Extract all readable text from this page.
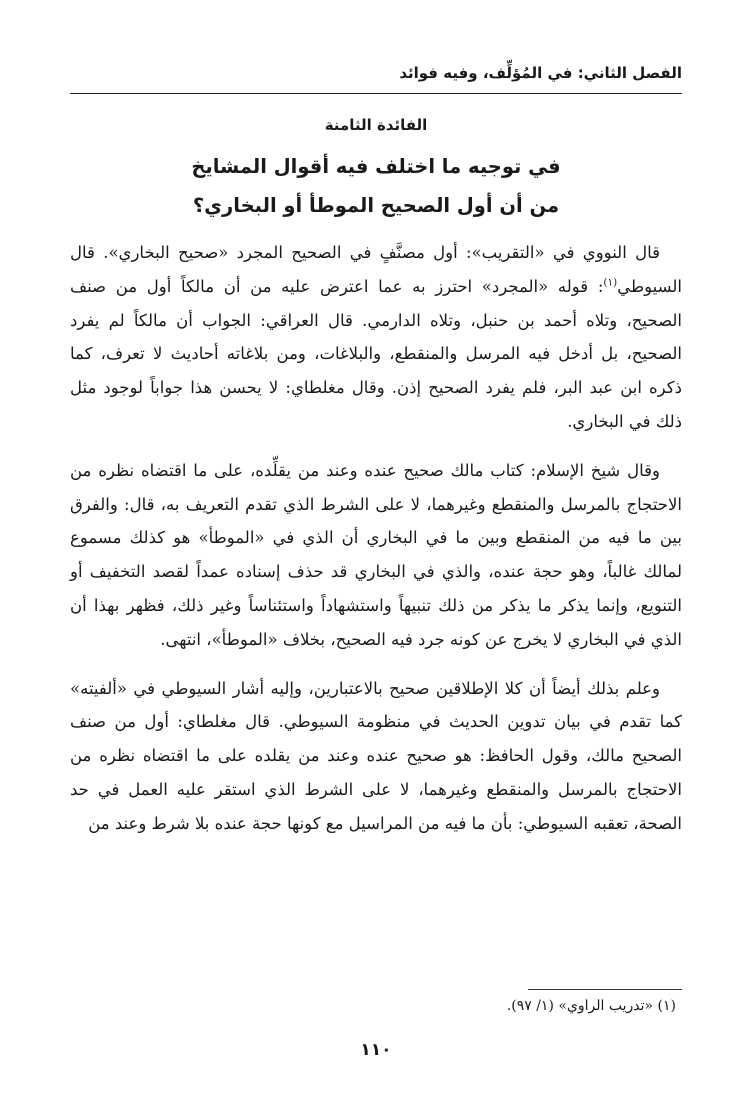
الفصل الثاني: في المُؤلِّف، وفيه فوائد
الفائدة الثامنة
في توجيه ما اختلف فيه أقوال المشايخ
من أن أول الصحيح الموطأ أو البخاري؟

قال النووي في «التقريب»: أول مصنَّفٍ في الصحيح المجرد «صحيح البخاري». قال السيوطي$^{(١)}$: قوله «المجرد» احترز به عما اعترض عليه من أن مالكاً أول من صنف الصحيح، وتلاه أحمد بن حنبل، وتلاه الدارمي. قال العراقي: الجواب أن مالكاً لم يفرد الصحيح، بل أدخل فيه المرسل والمنقطع، والبلاغات، ومن بلاغاته أحاديث لا تعرف، كما ذكره ابن عبد البر، فلم يفرد الصحيح إذن. وقال مغلطاي: لا يحسن هذا جواباً لوجود مثل ذلك في البخاري.

وقال شيخ الإسلام: كتاب مالك صحيح عنده وعند من يقلِّده، على ما اقتضاه نظره من الاحتجاج بالمرسل والمنقطع وغيرهما، لا على الشرط الذي تقدم التعريف به، قال: والفرق بين ما فيه من المنقطع وبين ما في البخاري أن الذي في «الموطأ» هو كذلك مسموع لمالك غالباً، وهو حجة عنده، والذي في البخاري قد حذف إسناده عمداً لقصد التخفيف أو التنويع، وإنما يذكر ما يذكر من ذلك تنبيهاً واستشهاداً واستئناساً وغير ذلك، فظهر بهذا أن الذي في البخاري لا يخرج عن كونه جرد فيه الصحيح، بخلاف «الموطأ»، انتهى.

وعلم بذلك أيضاً أن كلا الإطلاقين صحيح بالاعتبارين، وإليه أشار السيوطي في «ألفيته» كما تقدم في بيان تدوين الحديث في منظومة السيوطي. قال مغلطاي: أول من صنف الصحيح مالك، وقول الحافظ: هو صحيح عنده وعند من يقلده على ما اقتضاه نظره من الاحتجاج بالمرسل والمنقطع وغيرهما، لا على الشرط الذي استقر عليه العمل في حد الصحة، تعقبه السيوطي: بأن ما فيه من المراسيل مع كونها حجة عنده بلا شرط وعند من

(١) «تدريب الراوي» (١/ ٩٧).
١١٠
